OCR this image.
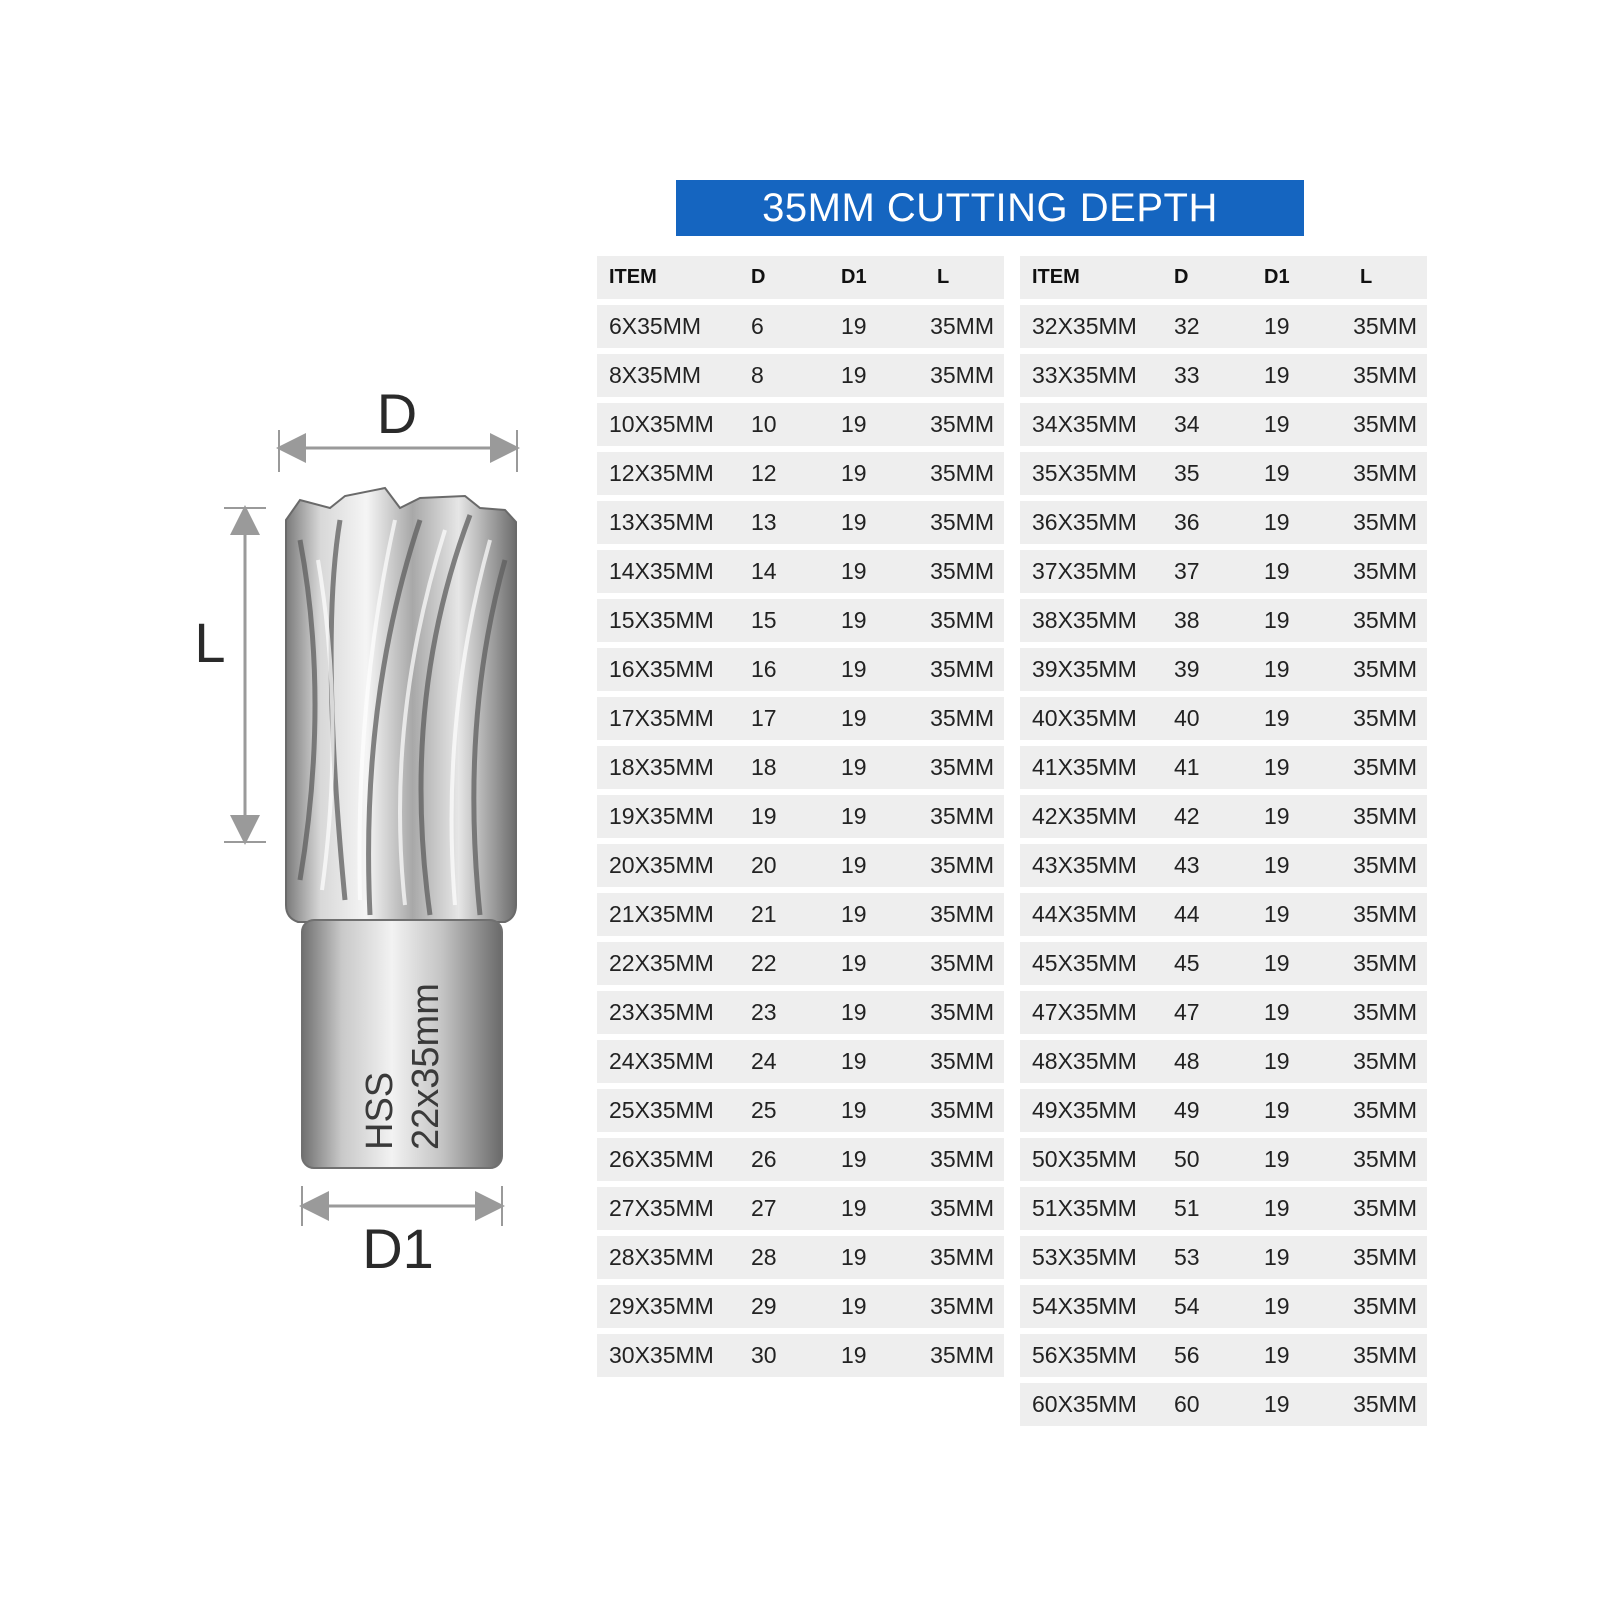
35MM CUTTING DEPTH
D
L
HSS 22x35mm
D1
ITEM	D	D1	L
6X35MM	6	19	35MM
8X35MM	8	19	35MM
10X35MM	10	19	35MM
12X35MM	12	19	35MM
13X35MM	13	19	35MM
14X35MM	14	19	35MM
15X35MM	15	19	35MM
16X35MM	16	19	35MM
17X35MM	17	19	35MM
18X35MM	18	19	35MM
19X35MM	19	19	35MM
20X35MM	20	19	35MM
21X35MM	21	19	35MM
22X35MM	22	19	35MM
23X35MM	23	19	35MM
24X35MM	24	19	35MM
25X35MM	25	19	35MM
26X35MM	26	19	35MM
27X35MM	27	19	35MM
28X35MM	28	19	35MM
29X35MM	29	19	35MM
30X35MM	30	19	35MM
ITEM	D	D1	L
32X35MM	32	19	35MM
33X35MM	33	19	35MM
34X35MM	34	19	35MM
35X35MM	35	19	35MM
36X35MM	36	19	35MM
37X35MM	37	19	35MM
38X35MM	38	19	35MM
39X35MM	39	19	35MM
40X35MM	40	19	35MM
41X35MM	41	19	35MM
42X35MM	42	19	35MM
43X35MM	43	19	35MM
44X35MM	44	19	35MM
45X35MM	45	19	35MM
47X35MM	47	19	35MM
48X35MM	48	19	35MM
49X35MM	49	19	35MM
50X35MM	50	19	35MM
51X35MM	51	19	35MM
53X35MM	53	19	35MM
54X35MM	54	19	35MM
56X35MM	56	19	35MM
60X35MM	60	19	35MM
